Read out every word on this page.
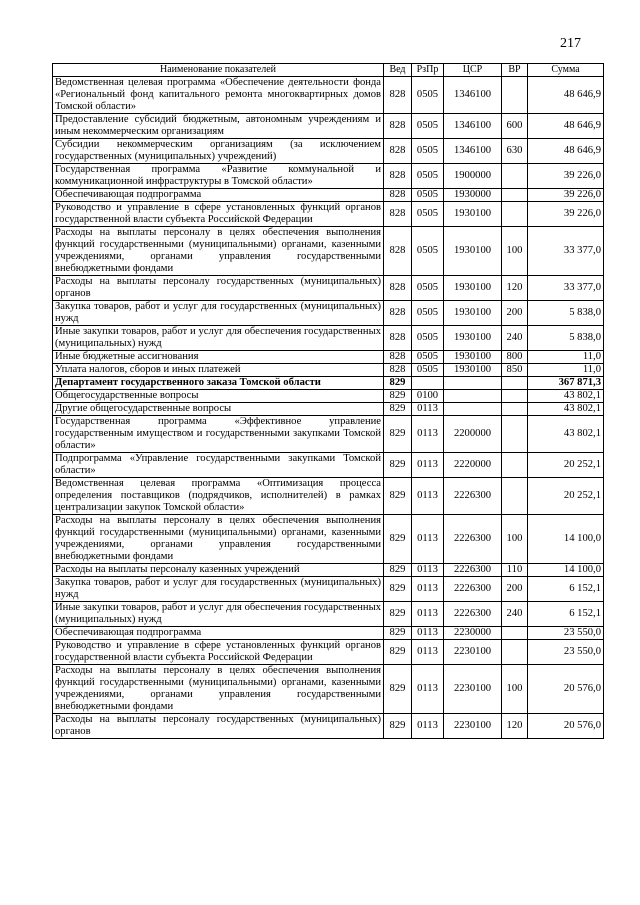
217
Наименование показателей	Вед	РзПр	ЦСР	ВР	Сумма
Ведомственная целевая программа «Обеспечение деятельности фонда «Региональный фонд капитального ремонта многоквартирных домов Томской области»	828	0505	1346100		48 646,9
Предоставление субсидий бюджетным, автономным учреждениям и иным некоммерческим организациям	828	0505	1346100	600	48 646,9
Субсидии некоммерческим организациям (за исключением государственных (муниципальных) учреждений)	828	0505	1346100	630	48 646,9
Государственная программа «Развитие коммунальной и коммуникационной инфраструктуры в Томской области»	828	0505	1900000		39 226,0
Обеспечивающая подпрограмма	828	0505	1930000		39 226,0
Руководство и управление в сфере установленных функций органов государственной власти субъекта Российской Федерации	828	0505	1930100		39 226,0
Расходы на выплаты персоналу в целях обеспечения выполнения функций государственными (муниципальными) органами, казенными учреждениями, органами управления государственными внебюджетными фондами	828	0505	1930100	100	33 377,0
Расходы на выплаты персоналу государственных (муниципальных) органов	828	0505	1930100	120	33 377,0
Закупка товаров, работ и услуг для государственных (муниципальных) нужд	828	0505	1930100	200	5 838,0
Иные закупки товаров, работ и услуг для обеспечения государственных (муниципальных) нужд	828	0505	1930100	240	5 838,0
Иные бюджетные ассигнования	828	0505	1930100	800	11,0
Уплата налогов, сборов и иных платежей	828	0505	1930100	850	11,0
Департамент государственного заказа Томской области	829				367 871,3
Общегосударственные вопросы	829	0100			43 802,1
Другие общегосударственные вопросы	829	0113			43 802,1
Государственная программа «Эффективное управление государственным имуществом и государственными закупками Томской области»	829	0113	2200000		43 802,1
Подпрограмма «Управление государственными закупками Томской области»	829	0113	2220000		20 252,1
Ведомственная целевая программа «Оптимизация процесса определения поставщиков (подрядчиков, исполнителей) в рамках централизации закупок Томской области»	829	0113	2226300		20 252,1
Расходы на выплаты персоналу в целях обеспечения выполнения функций государственными (муниципальными) органами, казенными учреждениями, органами управления государственными внебюджетными фондами	829	0113	2226300	100	14 100,0
Расходы на выплаты персоналу казенных учреждений	829	0113	2226300	110	14 100,0
Закупка товаров, работ и услуг для государственных (муниципальных) нужд	829	0113	2226300	200	6 152,1
Иные закупки товаров, работ и услуг для обеспечения государственных (муниципальных) нужд	829	0113	2226300	240	6 152,1
Обеспечивающая подпрограмма	829	0113	2230000		23 550,0
Руководство и управление в сфере установленных функций органов государственной власти субъекта Российской Федерации	829	0113	2230100		23 550,0
Расходы на выплаты персоналу в целях обеспечения выполнения функций государственными (муниципальными) органами, казенными учреждениями, органами управления государственными внебюджетными фондами	829	0113	2230100	100	20 576,0
Расходы на выплаты персоналу государственных (муниципальных) органов	829	0113	2230100	120	20 576,0
